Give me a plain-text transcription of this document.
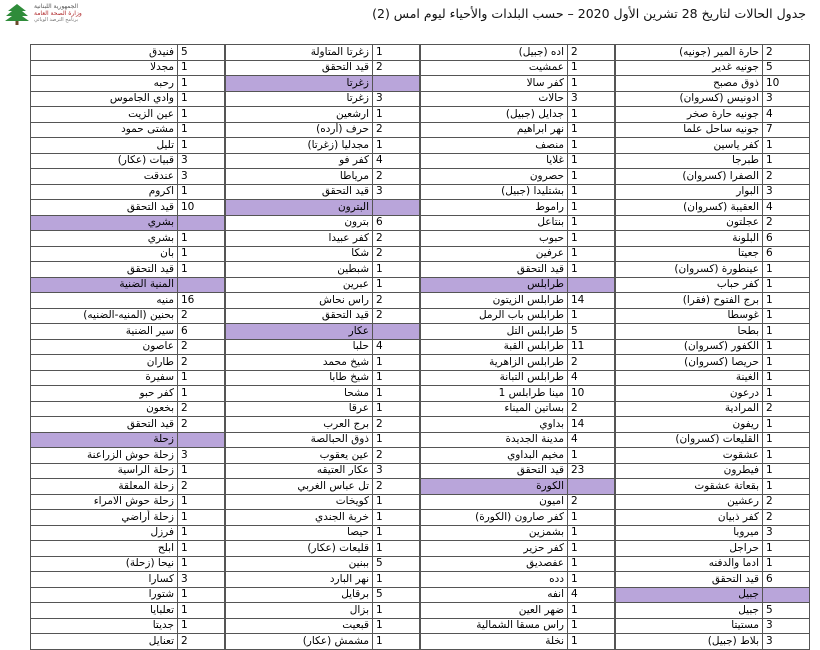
جدول الحالات لتاريخ 28 تشرين الأول 2020 – حسب البلدات والأحياء ليوم امس (2)
الجمهورية اللبنانية
وزارة الصحة العامة
برنامج الترصد الوبائي
حارة المير (جونيه)	2
جونيه غدير	5
ذوق مصبح	10
ادونيس (كسروان)	3
جونيه حارة صخر	4
جونيه ساحل علما	7
كفر ياسين	1
طبرجا	1
الصفرا (كسروان)	2
البوار	3
العقيبة (كسروان)	4
عجلتون	2
البلونة	6
جعيتا	6
عينطورة (كسروان)	1
كفر حباب	1
برج الفتوح (فقرا)	1
غوسطا	1
بطحا	1
الكفور (كسروان)	1
حريصا (كسروان)	1
الغينة	1
درعون	1
المرادية	2
ريفون	1
القليعات (كسروان)	1
عشقوت	1
فيطرون	1
بقعاتة عشقوت	1
رعشين	2
كفر ذبيان	2
ميروبا	3
حراجل	1
ادما والدفنه	1
قيد التحقق	6
جبيل	
جبيل	5
مستيتا	3
بلاط (جبيل)	3
اده (جبيل)	2
عمشيت	1
كفر سالا	1
حالات	3
جدايل (جبيل)	1
نهر ابراهيم	1
منصف	1
غلايا	1
حصرون	1
بشتليدا (جبيل)	1
راموط	1
بنتاعل	1
حبوب	1
عرفين	1
قيد التحقق	1
طرابلس	
طرابلس الزيتون	14
طرابلس باب الرمل	1
طرابلس التل	5
طرابلس القبة	11
طرابلس الزاهرية	2
طرابلس التبانة	4
مينا طرابلس 1	10
بساتين الميناء	2
بداوي	14
مدينة الجديدة	4
مخيم البداوي	1
قيد التحقق	23
الكورة	
اميون	2
كفر صارون (الكورة)	1
بشمزين	1
كفر حزير	1
عفصديق	1
دده	1
انفه	4
ضهر العين	1
راس مسقا الشمالية	1
نخلة	1
زغرتا المتاولة	1
قيد التحقق	2
زغرتا	
زغرتا	3
ارشعين	1
حرف (أرده)	2
مجدليا (زغرتا)	1
كفر فو	4
مرياطا	2
قيد التحقق	3
البترون	
بترون	6
كفر عبيدا	2
شكا	2
شبطين	1
عبرين	1
راس نحاش	2
قيد التحقق	2
عكار	
حلبا	4
شيخ محمد	1
شيخ طابا	1
مشحا	1
عرقا	1
برج العرب	2
ذوق الحبالصة	1
عين يعقوب	2
عكار العتيقه	3
تل عباس الغربي	2
كويخات	1
خربة الجندي	1
حيصا	1
قليعات (عكار)	1
ببنين	5
نهر البارد	1
برقايل	5
بزال	1
قبعيت	1
مشمش (عكار)	1
فنيدق	5
مجدلا	1
رحبه	1
وادي الجاموس	1
عين الزيت	1
مشتى حمود	1
تليل	1
قبيات (عكار)	3
عندقت	3
اكروم	1
قيد التحقق	10
بشري	
بشري	1
بان	1
قيد التحقق	1
المنية الضنية	
منيه	16
بحنين (المنيه-الضنيه)	2
سير الضنية	6
عاصون	2
طاران	2
سفيرة	1
كفر حبو	1
بخعون	2
قيد التحقق	2
زحلة	
زحلة حوش الزراعنة	3
زحلة الراسية	1
زحلة المعلقة	2
زحلة حوش الامراء	1
زحلة أراضي	1
فرزل	1
ابلح	1
نيحا (زحلة)	1
كسارا	3
شتورا	1
تعلبايا	1
جديتا	1
تعنايل	2
